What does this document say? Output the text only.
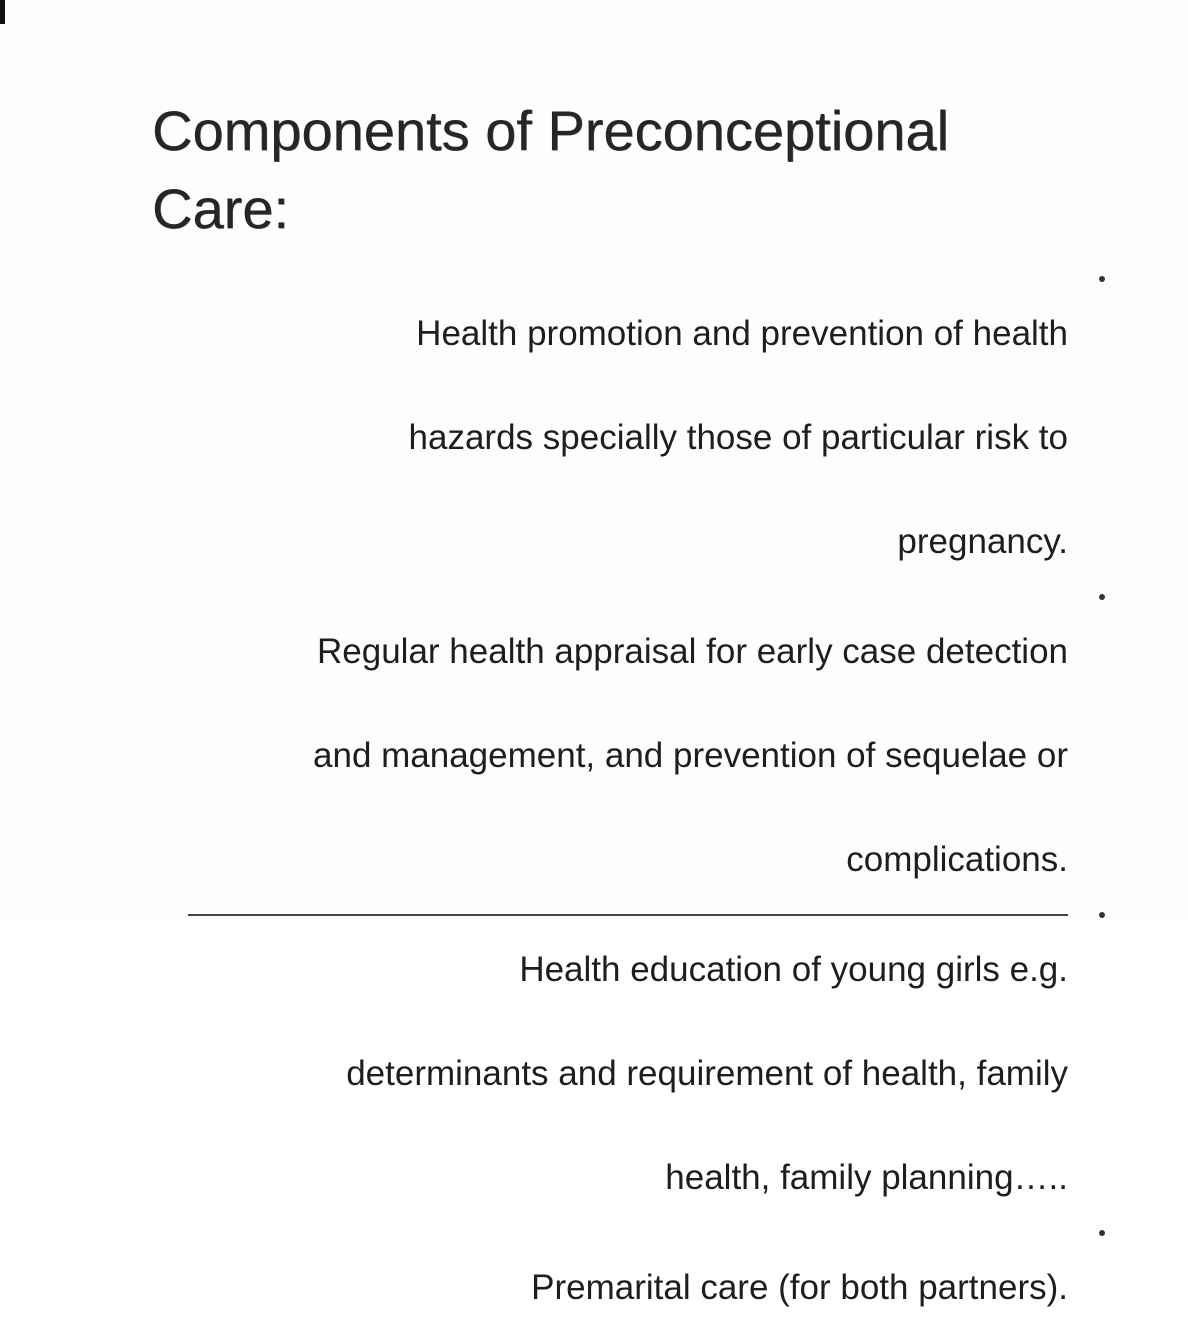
Components of Preconceptional
Care:

Health promotion and prevention of health

hazards specially those of particular risk to

pregnancy.

Regular health appraisal for early case detection

and management, and prevention of sequelae or

complications.

Health education of young girls e.g.

determinants and requirement of health, family

health, family planning…..

Premarital care (for both partners).
